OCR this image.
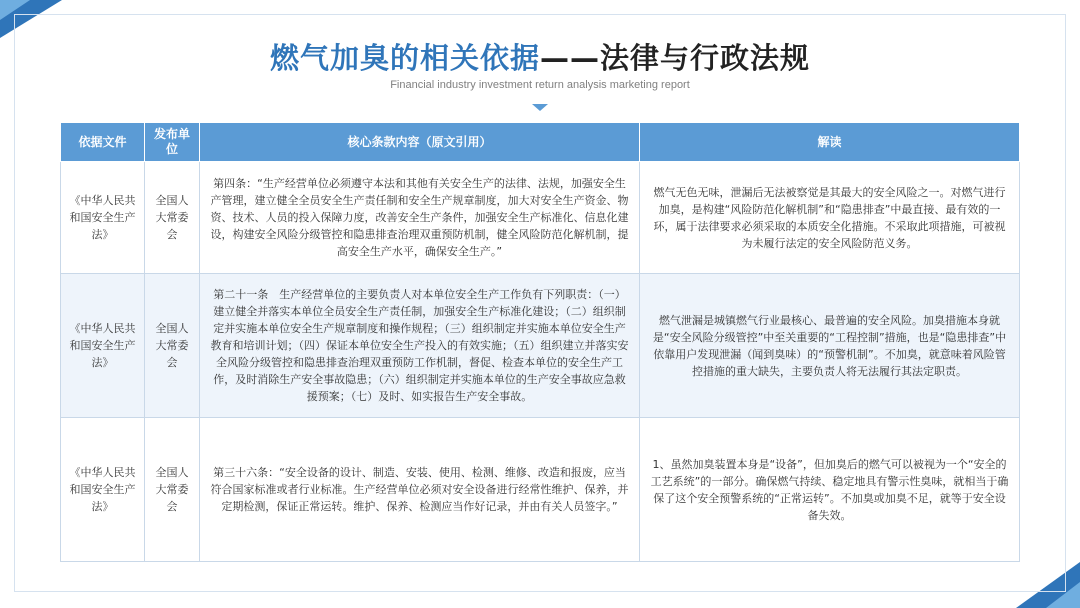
燃气加臭的相关依据——法律与行政法规
Financial industry investment return analysis marketing report
依据文件	发布单位	核心条款内容（原文引用）	解读
《中华人民共和国安全生产法》	全国人大常委会	第四条：“生产经营单位必须遵守本法和其他有关安全生产的法律、法规，加强安全生产管理，建立健全全员安全生产责任制和安全生产规章制度，加大对安全生产资金、物资、技术、人员的投入保障力度，改善安全生产条件，加强安全生产标准化、信息化建设，构建安全风险分级管控和隐患排查治理双重预防机制，健全风险防范化解机制，提高安全生产水平，确保安全生产。”	燃气无色无味，泄漏后无法被察觉是其最大的安全风险之一。对燃气进行加臭，是构建“风险防范化解机制”和“隐患排查”中最直接、最有效的一环，属于法律要求必须采取的本质安全化措施。不采取此项措施，可被视为未履行法定的安全风险防范义务。
《中华人民共和国安全生产法》	全国人大常委会	第二十一条　生产经营单位的主要负责人对本单位安全生产工作负有下列职责：（一）建立健全并落实本单位全员安全生产责任制，加强安全生产标准化建设；（二）组织制定并实施本单位安全生产规章制度和操作规程；（三）组织制定并实施本单位安全生产教育和培训计划；（四）保证本单位安全生产投入的有效实施；（五）组织建立并落实安全风险分级管控和隐患排查治理双重预防工作机制，督促、检查本单位的安全生产工作，及时消除生产安全事故隐患；（六）组织制定并实施本单位的生产安全事故应急救援预案；（七）及时、如实报告生产安全事故。	燃气泄漏是城镇燃气行业最核心、最普遍的安全风险。加臭措施本身就是“安全风险分级管控”中至关重要的“工程控制”措施，也是“隐患排查”中依靠用户发现泄漏（闻到臭味）的“预警机制”。不加臭，就意味着风险管控措施的重大缺失，主要负责人将无法履行其法定职责。
《中华人民共和国安全生产法》	全国人大常委会	第三十六条：“安全设备的设计、制造、安装、使用、检测、维修、改造和报废，应当符合国家标准或者行业标准。生产经营单位必须对安全设备进行经常性维护、保养，并定期检测，保证正常运转。维护、保养、检测应当作好记录，并由有关人员签字。”	1、虽然加臭装置本身是“设备”，但加臭后的燃气可以被视为一个“安全的工艺系统”的一部分。确保燃气持续、稳定地具有警示性臭味，就相当于确保了这个安全预警系统的“正常运转”。不加臭或加臭不足，就等于安全设备失效。
